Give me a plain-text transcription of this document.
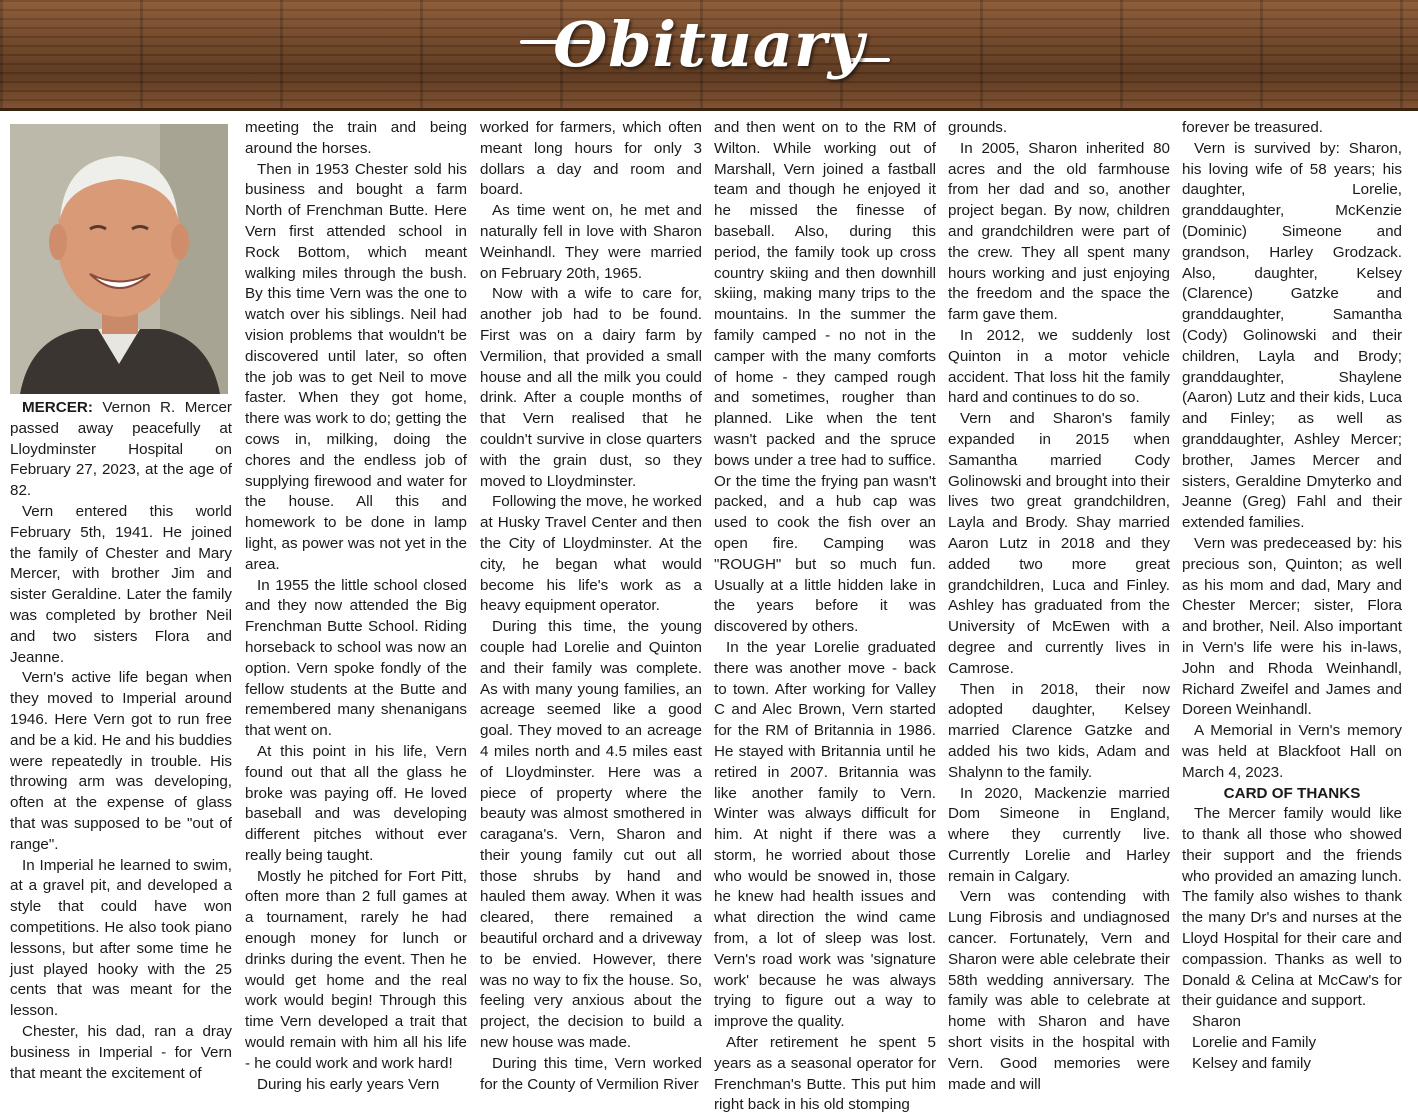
Obituary

MERCER: Vernon R. Mercer passed away peacefully at Lloydminster Hospital on February 27, 2023, at the age of 82.

Vern entered this world February 5th, 1941. He joined the family of Chester and Mary Mercer, with brother Jim and sister Geraldine. Later the family was completed by brother Neil and two sisters Flora and Jeanne.

Vern's active life began when they moved to Imperial around 1946. Here Vern got to run free and be a kid. He and his buddies were repeatedly in trouble. His throwing arm was developing, often at the expense of glass that was supposed to be "out of range".

In Imperial he learned to swim, at a gravel pit, and developed a style that could have won competitions. He also took piano lessons, but after some time he just played hooky with the 25 cents that was meant for the lesson.

Chester, his dad, ran a dray business in Imperial - for Vern that meant the excitement of

meeting the train and being around the horses.

Then in 1953 Chester sold his business and bought a farm North of Frenchman Butte. Here Vern first attended school in Rock Bottom, which meant walking miles through the bush. By this time Vern was the one to watch over his siblings. Neil had vision problems that wouldn't be discovered until later, so often the job was to get Neil to move faster. When they got home, there was work to do; getting the cows in, milking, doing the chores and the endless job of supplying firewood and water for the house. All this and homework to be done in lamp light, as power was not yet in the area.

In 1955 the little school closed and they now attended the Big Frenchman Butte School. Riding horseback to school was now an option. Vern spoke fondly of the fellow students at the Butte and remembered many shenanigans that went on.

At this point in his life, Vern found out that all the glass he broke was paying off. He loved baseball and was developing different pitches without ever really being taught.

Mostly he pitched for Fort Pitt, often more than 2 full games at a tournament, rarely he had enough money for lunch or drinks during the event. Then he would get home and the real work would begin! Through this time Vern developed a trait that would remain with him all his life - he could work and work hard!

During his early years Vern

worked for farmers, which often meant long hours for only 3 dollars a day and room and board.

As time went on, he met and naturally fell in love with Sharon Weinhandl. They were married on February 20th, 1965.

Now with a wife to care for, another job had to be found. First was on a dairy farm by Vermilion, that provided a small house and all the milk you could drink. After a couple months of that Vern realised that he couldn't survive in close quarters with the grain dust, so they moved to Lloydminster.

Following the move, he worked at Husky Travel Center and then the City of Lloydminster. At the city, he began what would become his life's work as a heavy equipment operator.

During this time, the young couple had Lorelie and Quinton and their family was complete. As with many young families, an acreage seemed like a good goal. They moved to an acreage 4 miles north and 4.5 miles east of Lloydminster. Here was a piece of property where the beauty was almost smothered in caragana's. Vern, Sharon and their young family cut out all those shrubs by hand and hauled them away. When it was cleared, there remained a beautiful orchard and a driveway to be envied. However, there was no way to fix the house. So, feeling very anxious about the project, the decision to build a new house was made.

During this time, Vern worked for the County of Vermilion River

and then went on to the RM of Wilton. While working out of Marshall, Vern joined a fastball team and though he enjoyed it he missed the finesse of baseball. Also, during this period, the family took up cross country skiing and then downhill skiing, making many trips to the mountains. In the summer the family camped - no not in the camper with the many comforts of home - they camped rough and sometimes, rougher than planned. Like when the tent wasn't packed and the spruce bows under a tree had to suffice. Or the time the frying pan wasn't packed, and a hub cap was used to cook the fish over an open fire. Camping was "ROUGH" but so much fun. Usually at a little hidden lake in the years before it was discovered by others.

In the year Lorelie graduated there was another move - back to town. After working for Valley C and Alec Brown, Vern started for the RM of Britannia in 1986. He stayed with Britannia until he retired in 2007. Britannia was like another family to Vern. Winter was always difficult for him. At night if there was a storm, he worried about those who would be snowed in, those he knew had health issues and what direction the wind came from, a lot of sleep was lost. Vern's road work was 'signature work' because he was always trying to figure out a way to improve the quality.

After retirement he spent 5 years as a seasonal operator for Frenchman's Butte. This put him right back in his old stomping

grounds.

In 2005, Sharon inherited 80 acres and the old farmhouse from her dad and so, another project began. By now, children and grandchildren were part of the crew. They all spent many hours working and just enjoying the freedom and the space the farm gave them.

In 2012, we suddenly lost Quinton in a motor vehicle accident. That loss hit the family hard and continues to do so.

Vern and Sharon's family expanded in 2015 when Samantha married Cody Golinowski and brought into their lives two great grandchildren, Layla and Brody. Shay married Aaron Lutz in 2018 and they added two more great grandchildren, Luca and Finley. Ashley has graduated from the University of McEwen with a degree and currently lives in Camrose.

Then in 2018, their now adopted daughter, Kelsey married Clarence Gatzke and added his two kids, Adam and Shalynn to the family.

In 2020, Mackenzie married Dom Simeone in England, where they currently live. Currently Lorelie and Harley remain in Calgary.

Vern was contending with Lung Fibrosis and undiagnosed cancer. Fortunately, Vern and Sharon were able celebrate their 58th wedding anniversary. The family was able to celebrate at home with Sharon and have short visits in the hospital with Vern. Good memories were made and will

forever be treasured.

Vern is survived by: Sharon, his loving wife of 58 years; his daughter, Lorelie, granddaughter, McKenzie (Dominic) Simeone and grandson, Harley Grodzack. Also, daughter, Kelsey (Clarence) Gatzke and granddaughter, Samantha (Cody) Golinowski and their children, Layla and Brody; granddaughter, Shaylene (Aaron) Lutz and their kids, Luca and Finley; as well as granddaughter, Ashley Mercer; brother, James Mercer and sisters, Geraldine Dmyterko and Jeanne (Greg) Fahl and their extended families.

Vern was predeceased by: his precious son, Quinton; as well as his mom and dad, Mary and Chester Mercer; sister, Flora and brother, Neil. Also important in Vern's life were his in-laws, John and Rhoda Weinhandl, Richard Zweifel and James and Doreen Weinhandl.

A Memorial in Vern's memory was held at Blackfoot Hall on March 4, 2023.

CARD OF THANKS

The Mercer family would like to thank all those who showed their support and the friends who provided an amazing lunch. The family also wishes to thank the many Dr's and nurses at the Lloyd Hospital for their care and compassion. Thanks as well to Donald & Celina at McCaw's for their guidance and support.

Sharon

Lorelie and Family

Kelsey and family
